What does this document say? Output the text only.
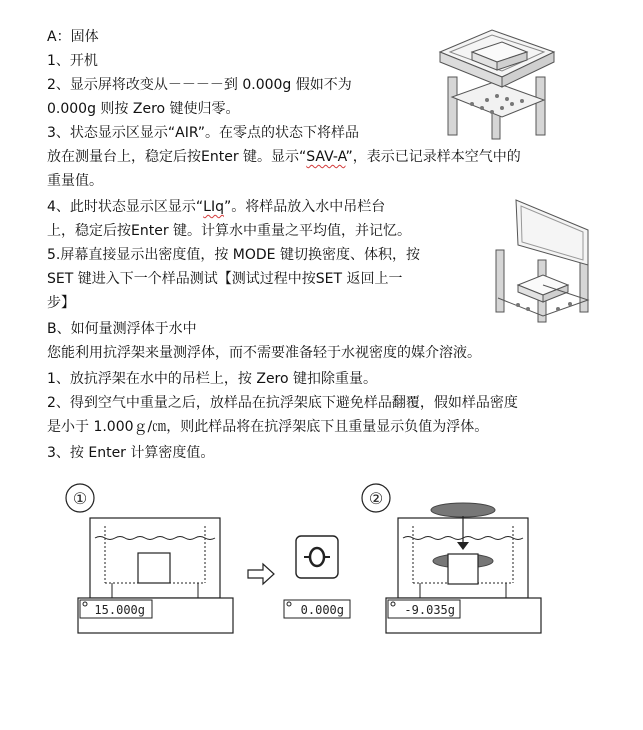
A：固体
1、开机
2、显示屏将改变从－－－－到 0.000g 假如不为
0.000g 则按 Zero 键使归零。
3、状态显示区显示“AIR”。在零点的状态下将样品
放在测量台上，稳定后按Enter 键。显示“SAV-A”，表示已记录样本空气中的
重量值。
4、此时状态显示区显示“LIq”。将样品放入水中吊栏台
上，稳定后按Enter 键。计算水中重量之平均值，并记忆。
5.屏幕直接显示出密度值，按 MODE 键切换密度、体积，按
SET 键进入下一个样品测试【测试过程中按SET 返回上一
步】
B、如何量测浮体于水中
您能利用抗浮架来量测浮体，而不需要准备轻于水视密度的媒介溶液。
1、放抗浮架在水中的吊栏上，按 Zero 键扣除重量。
2、得到空气中重量之后，放样品在抗浮架底下避免样品翻覆，假如样品密度
是小于 1.000ｇ/㎝，则此样品将在抗浮架底下且重量显示负值为浮体。
3、按 Enter 计算密度值。
①
15.000g	0.000g
②
-9.035g
